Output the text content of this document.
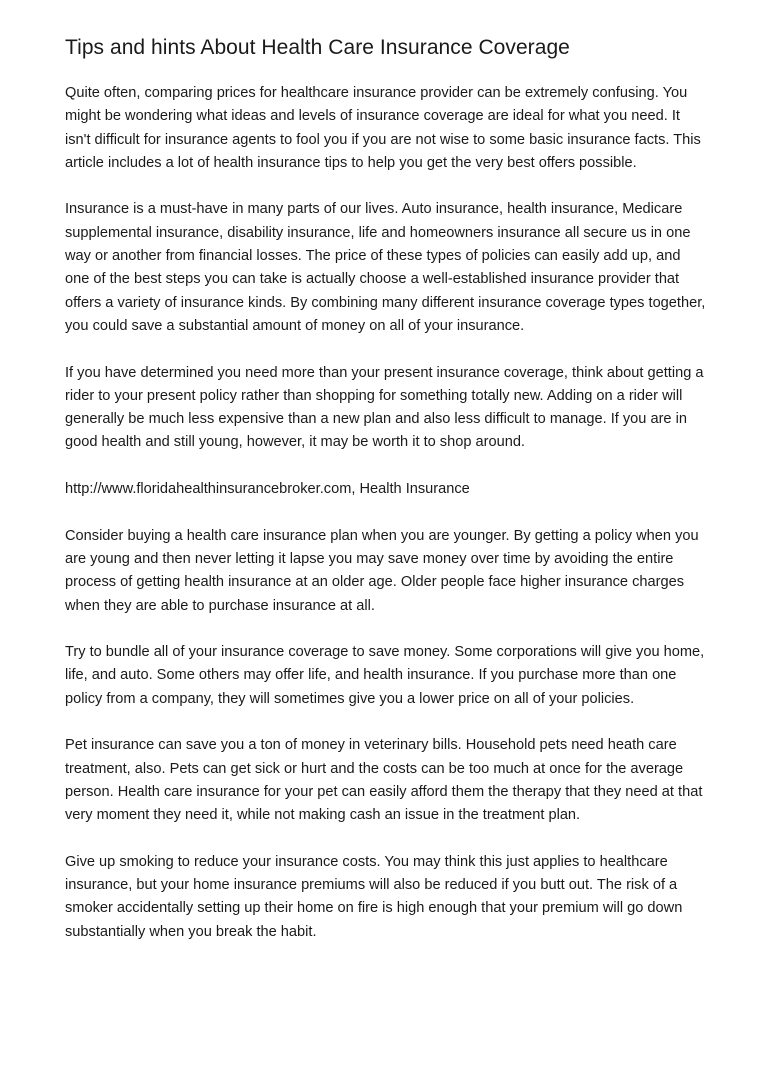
Tips and hints About Health Care Insurance Coverage

Quite often, comparing prices for healthcare insurance provider can be extremely confusing. You might be wondering what ideas and levels of insurance coverage are ideal for what you need. It isn't difficult for insurance agents to fool you if you are not wise to some basic insurance facts. This article includes a lot of health insurance tips to help you get the very best offers possible.

Insurance is a must-have in many parts of our lives. Auto insurance, health insurance, Medicare supplemental insurance, disability insurance, life and homeowners insurance all secure us in one way or another from financial losses. The price of these types of policies can easily add up, and one of the best steps you can take is actually choose a well-established insurance provider that offers a variety of insurance kinds. By combining many different insurance coverage types together, you could save a substantial amount of money on all of your insurance.

If you have determined you need more than your present insurance coverage, think about getting a rider to your present policy rather than shopping for something totally new. Adding on a rider will generally be much less expensive than a new plan and also less difficult to manage. If you are in good health and still young, however, it may be worth it to shop around.

http://www.floridahealthinsurancebroker.com, Health Insurance

Consider buying a health care insurance plan when you are younger. By getting a policy when you are young and then never letting it lapse you may save money over time by avoiding the entire process of getting health insurance at an older age. Older people face higher insurance charges when they are able to purchase insurance at all.

Try to bundle all of your insurance coverage to save money. Some corporations will give you home, life, and auto. Some others may offer life, and health insurance. If you purchase more than one policy from a company, they will sometimes give you a lower price on all of your policies.

Pet insurance can save you a ton of money in veterinary bills. Household pets need heath care treatment, also. Pets can get sick or hurt and the costs can be too much at once for the average person. Health care insurance for your pet can easily afford them the therapy that they need at that very moment they need it, while not making cash an issue in the treatment plan.

Give up smoking to reduce your insurance costs. You may think this just applies to healthcare insurance, but your home insurance premiums will also be reduced if you butt out. The risk of a smoker accidentally setting up their home on fire is high enough that your premium will go down substantially when you break the habit.
